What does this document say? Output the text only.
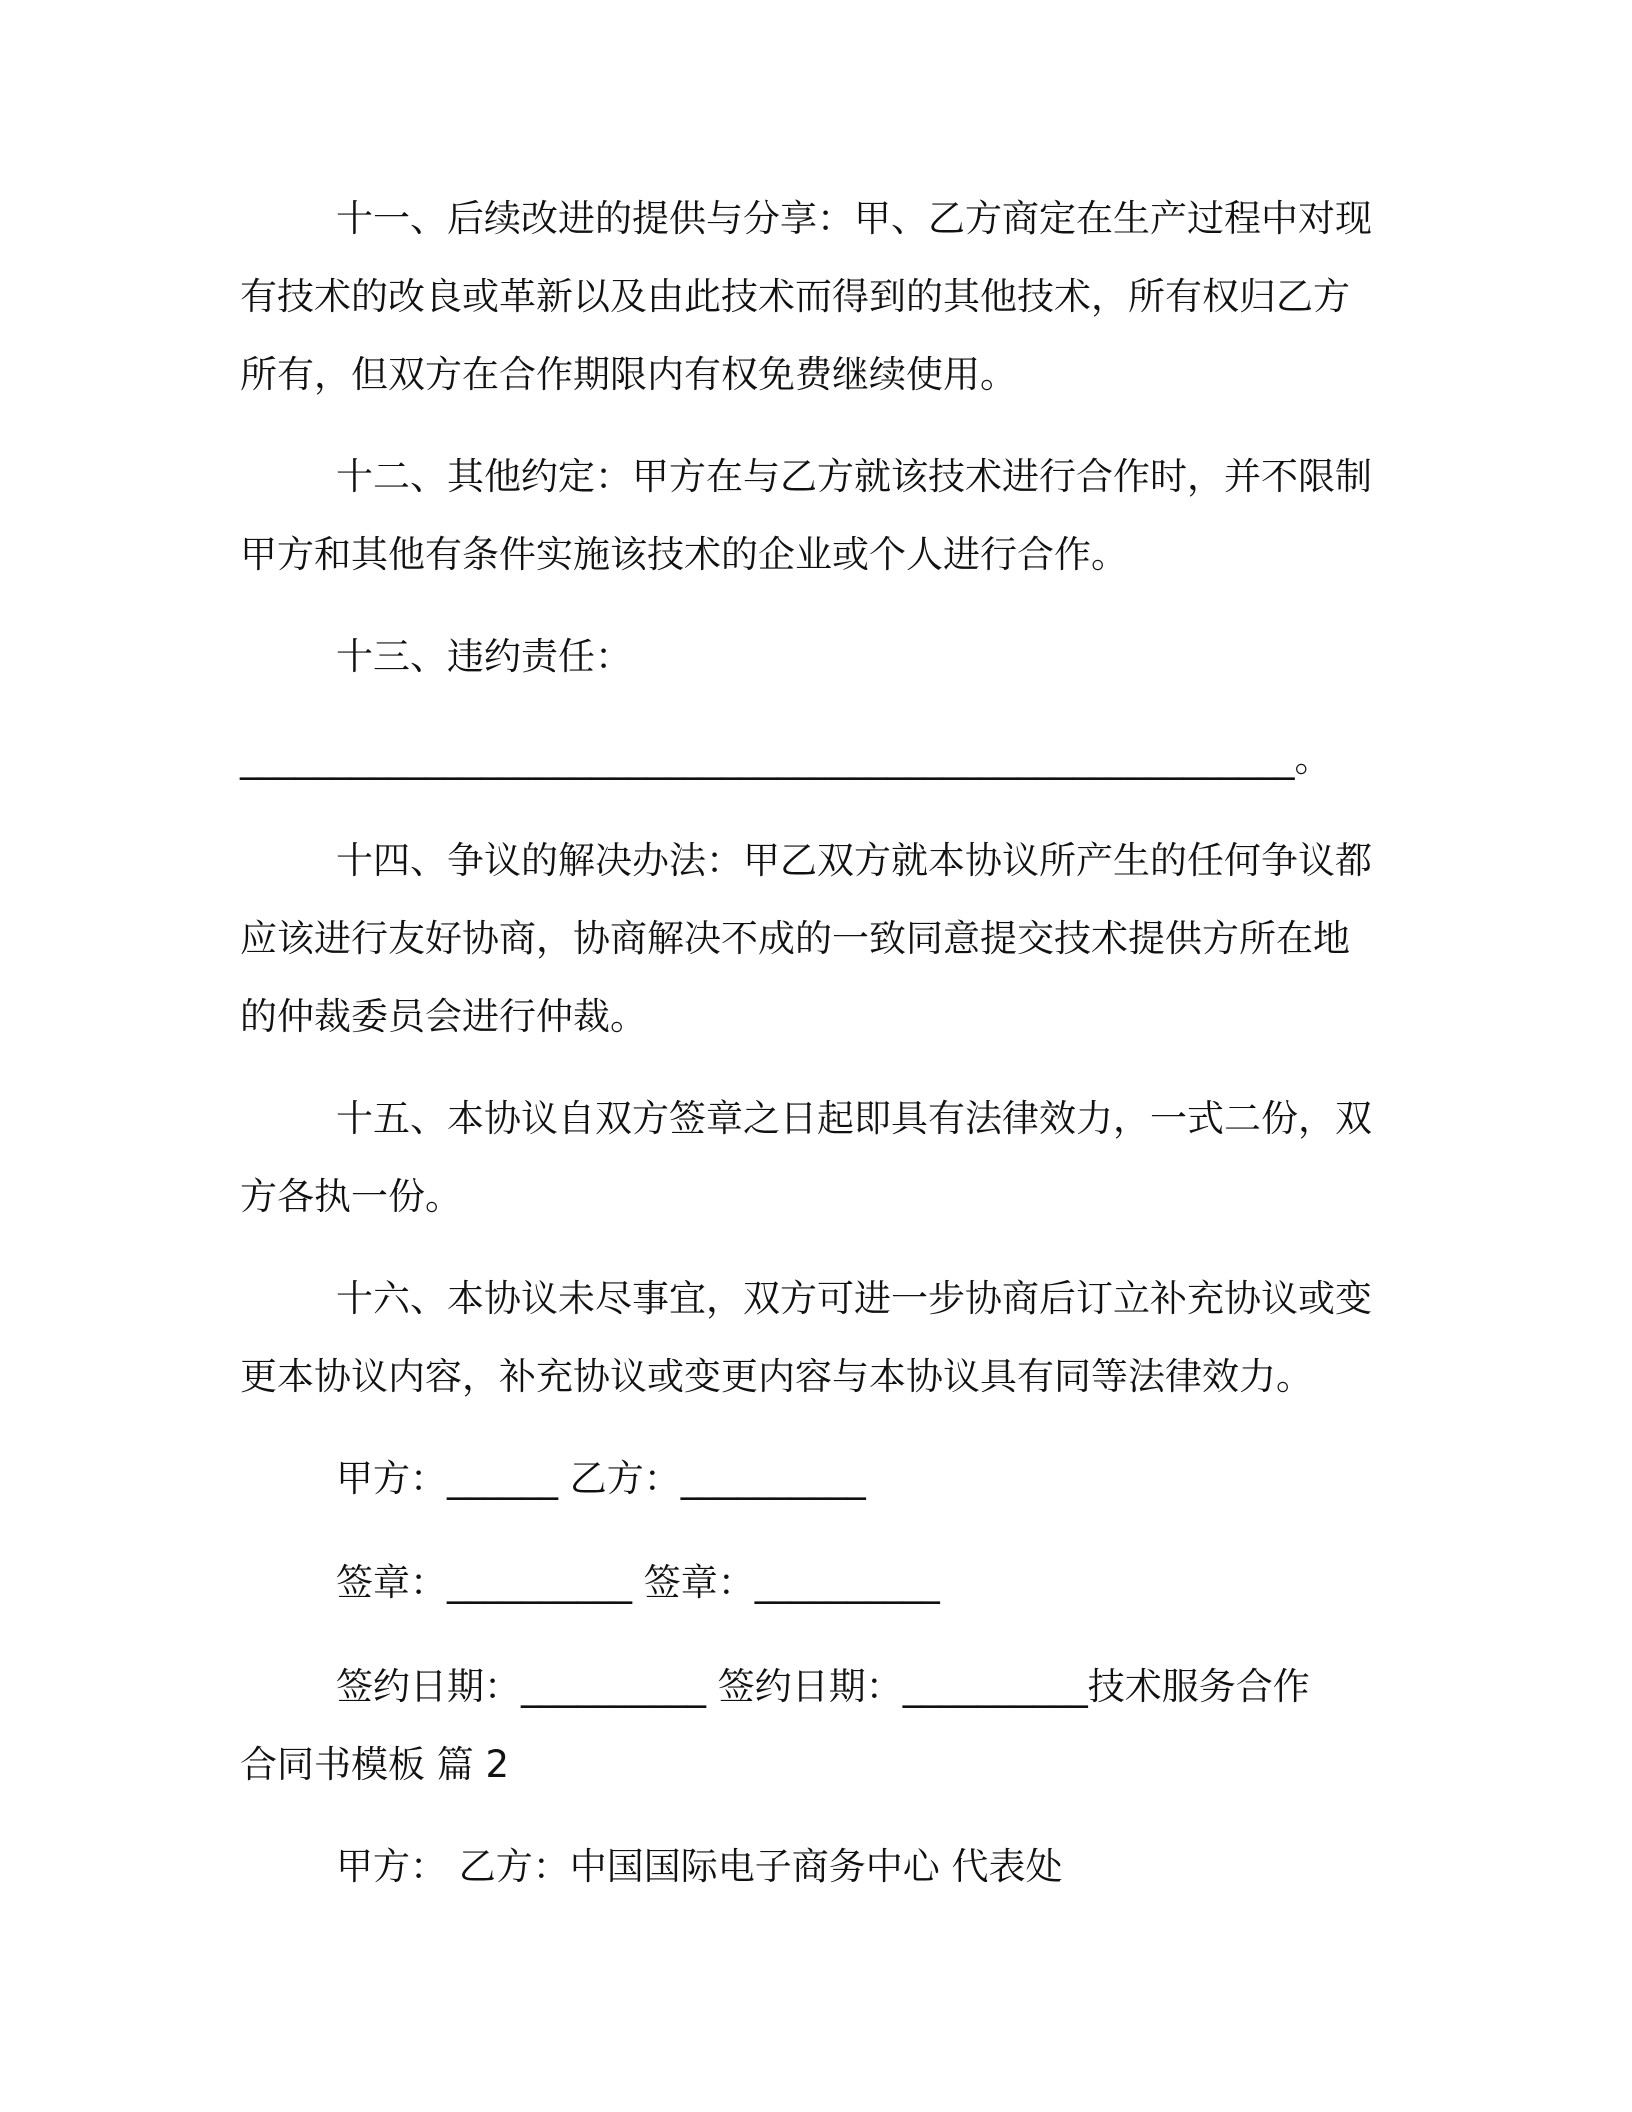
十一、后续改进的提供与分享：甲、乙方商定在生产过程中对现
有技术的改良或革新以及由此技术而得到的其他技术，所有权归乙方
所有，但双方在合作期限内有权免费继续使用。
十二、其他约定：甲方在与乙方就该技术进行合作时，并不限制
甲方和其他有条件实施该技术的企业或个人进行合作。
十三、违约责任：
_________________________________________________________。
十四、争议的解决办法：甲乙双方就本协议所产生的任何争议都
应该进行友好协商，协商解决不成的一致同意提交技术提供方所在地
的仲裁委员会进行仲裁。
十五、本协议自双方签章之日起即具有法律效力，一式二份，双
方各执一份。
十六、本协议未尽事宜，双方可进一步协商后订立补充协议或变
更本协议内容，补充协议或变更内容与本协议具有同等法律效力。
甲方：______ 乙方：__________
签章：__________ 签章：__________
签约日期：__________ 签约日期：__________技术服务合作
合同书模板 篇 2
甲方： 乙方：中国国际电子商务中心 代表处
